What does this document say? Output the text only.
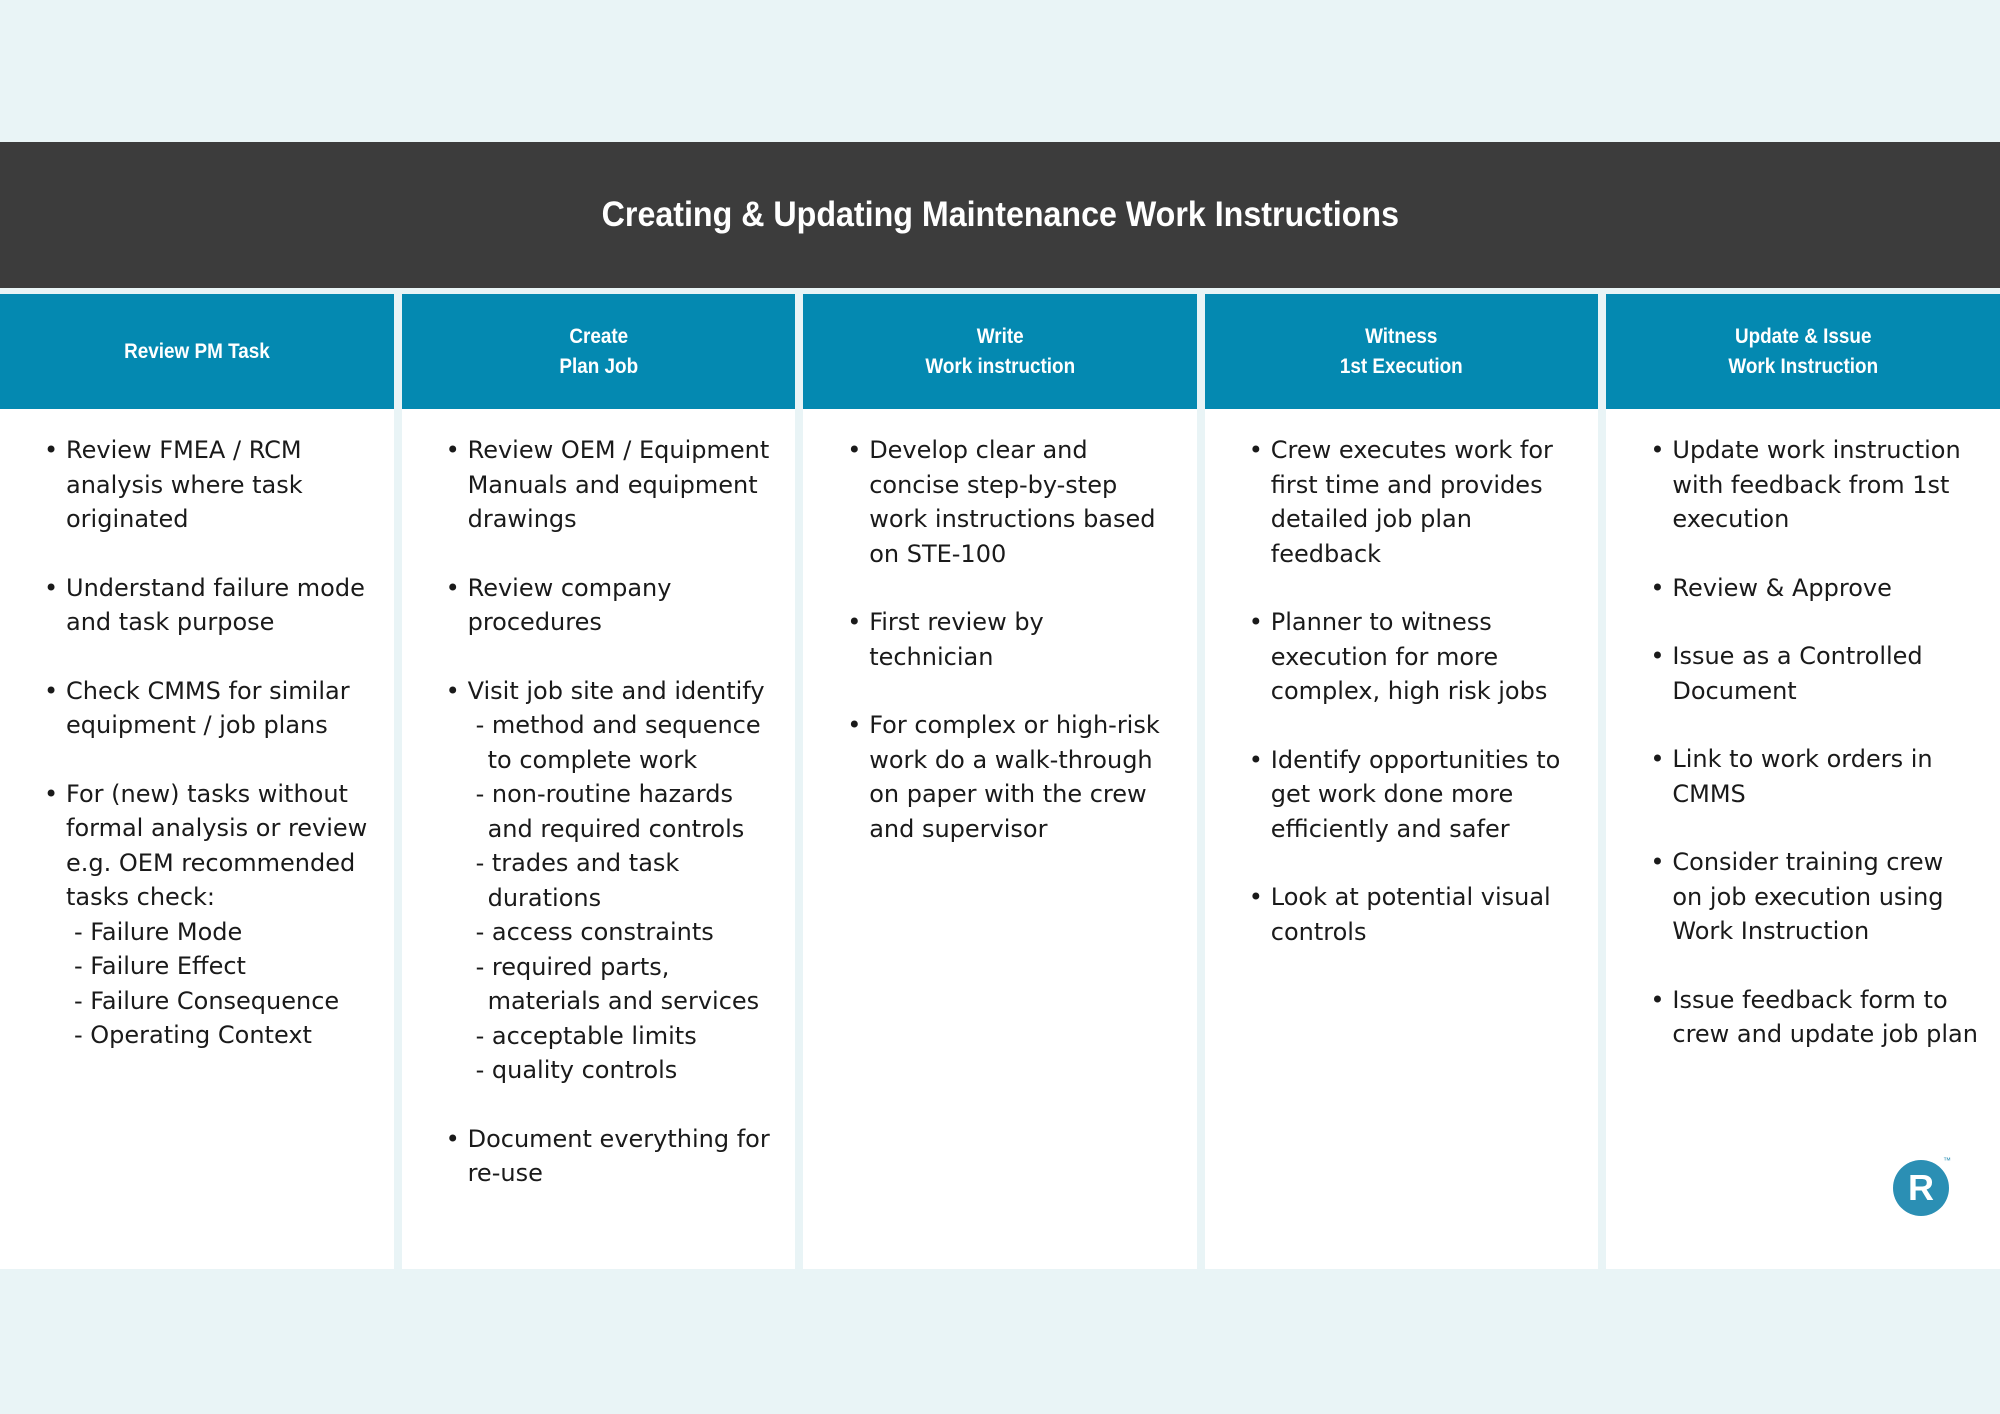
Creating & Updating Maintenance Work Instructions
Review PM Task
• Review FMEA / RCM analysis where task originated
• Understand failure mode and task purpose
• Check CMMS for similar equipment / job plans
• For (new) tasks without formal analysis or review e.g. OEM recommended tasks check:
- Failure Mode
- Failure Effect
- Failure Consequence
- Operating Context
Create
Plan Job
• Review OEM / Equipment Manuals and equipment drawings
• Review company procedures
• Visit job site and identify
- method and sequence to complete work
- non-routine hazards and required controls
- trades and task durations
- access constraints
- required parts, materials and services
- acceptable limits
- quality controls
• Document everything for re-use
Write
Work instruction
• Develop clear and concise step-by-step work instructions based on STE-100
• First review by technician
• For complex or high-risk work do a walk-through on paper with the crew and supervisor
Witness
1st Execution
• Crew executes work for first time and provides detailed job plan feedback
• Planner to witness execution for more complex, high risk jobs
• Identify opportunities to get work done more efficiently and safer
• Look at potential visual controls
Update & Issue
Work Instruction
• Update work instruction with feedback from 1st execution
• Review & Approve
• Issue as a Controlled Document
• Link to work orders in CMMS
• Consider training crew on job execution using Work Instruction
• Issue feedback form to crew and update job plan
R
™
